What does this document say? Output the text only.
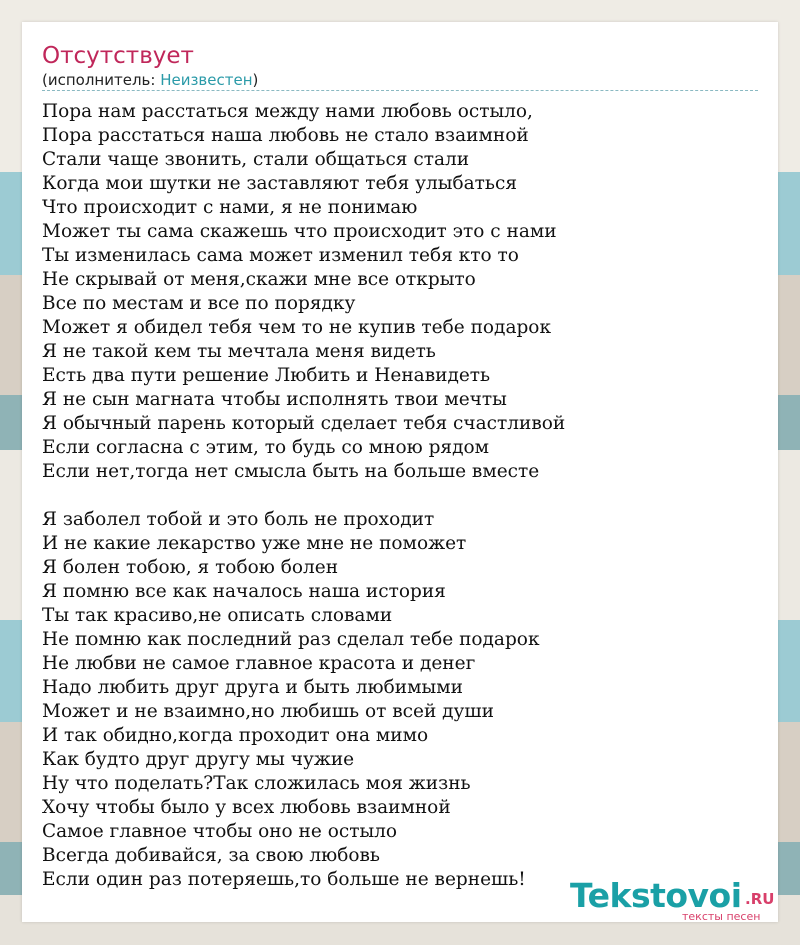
Отсутствует
(исполнитель: Неизвестен)
Пора нам расстаться между нами любовь остыло,
Пора расстаться наша любовь не стало взаимной
Стали чаще звонить, стали общаться стали
Когда мои шутки не заставляют тебя улыбаться
Что происходит с нами, я не понимаю
Может ты сама скажешь что происходит это с нами
Ты изменилась сама может изменил тебя кто то
Не скрывай от меня,скажи мне все открыто
Все по местам и все по порядку
Может я обидел тебя чем то не купив тебе подарок
Я не такой кем ты мечтала меня видеть
Есть два пути решение Любить и Ненавидеть
Я не сын магната чтобы исполнять твои мечты
Я обычный парень который сделает тебя счастливой
Если согласна с этим, то будь со мною рядом
Если нет,тогда нет смысла быть на больше вместе
Я заболел тобой и это боль не проходит
И не какие лекарство уже мне не поможет
Я болен тобою, я тобою болен
Я помню все как началось наша история
Ты так красиво,не описать словами
Не помню как последний раз сделал тебе подарок
Не любви не самое главное красота и денег
Надо любить друг друга и быть любимыми
Может и не взаимно,но любишь от всей души
И так обидно,когда проходит она мимо
Как будто друг другу мы чужие
Ну что поделать?Так сложилась моя жизнь
Хочу чтобы было у всех любовь взаимной
Самое главное чтобы оно не остыло
Всегда добивайся, за свою любовь
Если один раз потеряешь,то больше не вернешь!	Tekstovoi .RU
тексты песен
